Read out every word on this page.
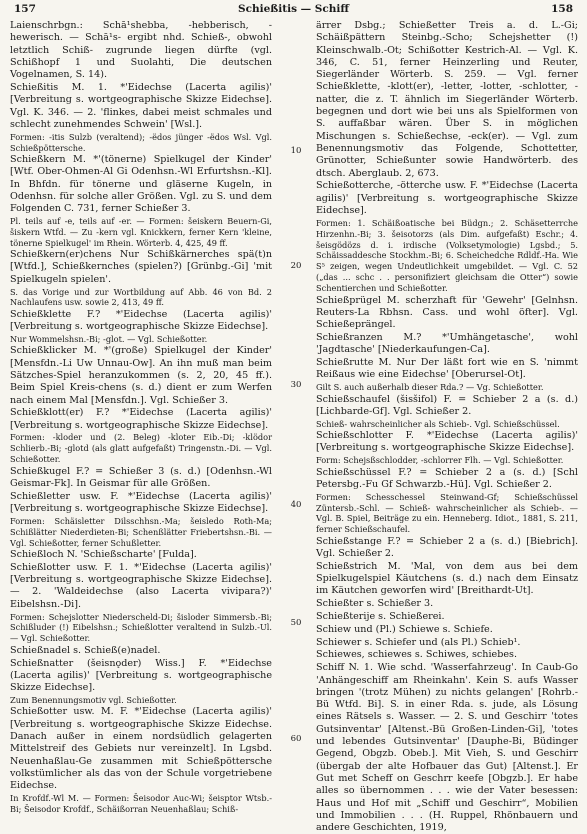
157	Schießitis — Schiff	158

Laienschrbgn.: Schā¹shebba, -hebberisch, -hewerisch. — Schā¹s- ergibt nhd. Schieß-, obwohl letztlich Schiß- zugrunde liegen dürfte (vgl. Schißhopf 1 und Suolahti, Die deutschen Vogelnamen, S. 14).

Schießitis M. 1. *'Eidechse (Lacerta agilis)' [Verbreitung s. wortgeographische Skizze Eidechse]. Vgl. K. 346. — 2. 'flinkes, dabei meist schmales und schlecht zunehmendes Schwein' [Wsl.].

Formen: -itis Sulzb (veraltend); -ëdos jünger -ëdos Wsl. Vgl. Schießpöttersche.

Schießkern M. *'(tönerne) Spielkugel der Kinder' [Wtf. Ober-Ohmen-Al Gi Odenhsn.-Wl Erfurtshsn.-Kl]. In Bhfdn. für tönerne und gläserne Kugeln, in Odenhsn. für solche aller Größen. Vgl. zu S. und dem Folgenden C. 731, ferner Schießer 3.

Pl. teils auf -e, teils auf -er. — Formen: šeiskern Beuern-Gi, šiskern Wtfd. — Zu -kern vgl. Knickkern, ferner Kern 'kleine, tönerne Spielkugel' im Rhein. Wörterb. 4, 425, 49 ff.

Schießkern(er)chens Nur Schißkärnerches spä(t)n [Wtfd.], Schießkernches (spielen?) [Grünbg.-Gi] 'mit Spielkugeln spielen'.

S. das Vorige und zur Wortbildung auf Abb. 46 von Bd. 2 Nachlaufens usw. sowie 2, 413, 49 ff.

Schießklette F.? *'Eidechse (Lacerta agilis)' [Verbreitung s. wortgeographische Skizze Eidechse].

Nur Wommelshsn.-Bi; -glot. — Vgl. Schießotter.

Schießklicker M. *'(große) Spielkugel der Kinder' [Mensfdn.-Li Uw Unnau-Ow]. An ihn muß man beim Sätzches-Spiel heranzukommen (s. 2, 20, 45 ff.). Beim Spiel Kreis-chens (s. d.) dient er zum Werfen nach einem Mal [Mensfdn.]. Vgl. Schießer 3.

Schießklott(er) F.? *'Eidechse (Lacerta agilis)' [Verbreitung s. wortgeographische Skizze Eidechse].

Formen: -kloder und (2. Beleg) -kloter Eib.-Di; -klödor Schlierb.-Bi; -glotd (als glatt aufgefaßt) Tringenstn.-Di. — Vgl. Schießotter.

Schießkugel F.? = Schießer 3 (s. d.) [Odenhsn.-Wl Geismar-Fk]. In Geismar für alle Größen.

Schießletter usw. F. *'Eidechse (Lacerta agilis)' [Verbreitung s. wortgeographische Skizze Eidechse].

Formen: Schäisletter Dilsschhsn.-Ma; šeisledo Roth-Ma; Schißlätter Niederdieten-Bi; Schenßlätter Friebertshsn.-Bi. — Vgl. Schießotter, ferner Schußletter.

Schießloch N. 'Schießscharte' [Fulda].

Schießlotter usw. F. 1. *'Eidechse (Lacerta agilis)' [Verbreitung s. wortgeographische Skizze Eidechse]. — 2. 'Waldeidechse (also Lacerta vivipara?)' Eibelshsn.-Di].

Formen: Schejslotter Niederscheld-Di; šisloder Simmersb.-Bi; Schißluder (!) Eibelshsn.; Schießlotter veraltend in Sulzb.-Ul. — Vgl. Schießotter.

Schießnadel s. Schieß(e)nadel.

Schießnatter (šeisnǫder) Wiss.] F. *'Eidechse (Lacerta agilis)' [Verbreitung s. wortgeographische Skizze Eidechse].

Zum Benennungsmotiv vgl. Schießotter.

Schießotter usw. M. F. *'Eidechse (Lacerta agilis)' [Verbreitung s. wortgeographische Skizze Eidechse. Danach außer in einem nordsüdlich gelagerten Mittelstreif des Gebiets nur vereinzelt]. In Lgsbd. Neuenhaßlau-Ge zusammen mit Schießpöttersche volkstümlicher als das von der Schule vorgetriebene Eidechse.

In Krofdf.-Wl M. — Formen: Šeisodor Auc-Wi; šeisptor Wtsb.-Bi; Šeisodor Krofdf., Schäißorran Neuenhaßlau; Schiß-

10
20
30
40
50
60

ärrer Dsbg.; Schießetter Treis a. d. L.-Gi; Schäißpättern Steinbg.-Scho; Schejshetter (!) Kleinschwalb.-Ot; Schißotter Kestrich-Al. — Vgl. K. 346, C. 51, ferner Heinzerling und Reuter, Siegerländer Wörterb. S. 259. — Vgl. ferner Schießklette, -klott(er), -letter, -lotter, -schlotter, -natter, die z. T. ähnlich im Siegerländer Wörterb. begegnen und dort wie bei uns als Spielformen von S. auffaßbar wären. Über S. in möglichen Mischungen s. Schießechse, -eck(er). — Vgl. zum Benennungsmotiv das Folgende, Schottetter, Grünotter, Schießunter sowie Handwörterb. des dtsch. Aberglaub. 2, 673.

Schießotterche, -ötterche usw. F. *'Eidechse (Lacerta agilis)' [Verbreitung s. wortgeographische Skizze Eidechse].

Formen: 1. Schäißoatische bei Büdgn.; 2. Schäsetterrche Hirzenhn.-Bi; 3. šeisotorzs (als Dim. aufgefaßt) Eschr.; 4. šeisgödözs d. i. irdische (Volksetymologie) Lgsbd.; 5. Schäissaddesche Stockhm.-Bi; 6. Scheichedche Rdldf.-Ha. Wie S⁵ zeigen, wegen Undeutlichkeit umgebildet. — Vgl. C. 52 („das ... schc . . personifiziert gleichsam die Otter“) sowie Schentierchen und Schießotter.

Schießprügel M. scherzhaft für 'Gewehr' [Gelnhsn. Reuters-La Rbhsn. Cass. und wohl öfter]. Vgl. Schießeprängel.

Schießranzen M.? *'Umhängetasche', wohl 'Jagdtasche' [Niederkaufungen-Ca].

Schießrutte M. Nur Der läßt fort wie en S. 'nimmt Reißaus wie eine Eidechse' [Oberursel-Ot].

Gilt S. auch außerhalb dieser Rda.? — Vg. Schießotter.

Schießschaufel (šisšifol) F. = Schieber 2 a (s. d.) [Lichbarde-Gf]. Vgl. Schießer 2.

Schieß- wahrscheinlicher als Schieb-. Vgl. Schießschüssel.

Schießschlotter F. *'Eidechse (Lacerta agilis)' [Verbreitung s. wortgeographische Skizze Eidechse].

Form: Schejsßschlodder, -schlorrer Flh. — Vgl. Schießotter.

Schießschüssel F.? = Schieber 2 a (s. d.) [Schl Petersbg.-Fu Gf Schwarzb.-Hü]. Vgl. Schießer 2.

Formen: Schesschessel Steinwand-Gf; Schießschüssel Züntersb.-Schl. — Schieß- wahrscheinlicher als Schieb-. — Vgl. B. Spiel, Beiträge zu ein. Henneberg. Idiot., 1881, S. 211, ferner Schießschaufel.

Schießstange F.? = Schieber 2 a (s. d.) [Biebrich]. Vgl. Schießer 2.

Schießstrich M. 'Mal, von dem aus bei dem Spielkugelspiel Käutchens (s. d.) nach dem Einsatz im Käutchen geworfen wird' [Breithardt-Ut].

Schießter s. Schießer 3.

Schießterije s. Schießerei.

Schiew und (Pl.) Schiewe s. Schiefe.

Schiewer s. Schiefer und (als Pl.) Schieb¹.

Schiewes, schiewes s. Schiwes, schiebes.

Schiff N. 1. Wie schd. 'Wasserfahrzeug'. In Caub-Go 'Anhängeschiff am Rheinkahn'. Kein S. aufs Wasser bringen '(trotz Mühen) zu nichts gelangen' [Rohrb.-Bü Wtfd. Bi]. S. in einer Rda. s. jude, als Lösung eines Rätsels s. Wasser. — 2. S. und Geschirr 'totes Gutsinventar' [Altenst.-Bü Großen-Linden-Gi], 'totes und lebendes Gutsinventar' [Dauphe-Bi, Büdinger Gegend, Obgzb. Obeb.]. Mit Vieh, S. und Geschirr (übergab der alte Hofbauer das Gut) [Altenst.]. Er Gut met Scheff on Geschrr keefe [Obgzb.]. Er habe alles so übernommen . . . wie der Vater besessen: Haus und Hof mit „Schiff und Geschirr“, Mobilien und Immobilien . . . (H. Ruppel, Rhönbauern und andere Geschichten, 1919,
